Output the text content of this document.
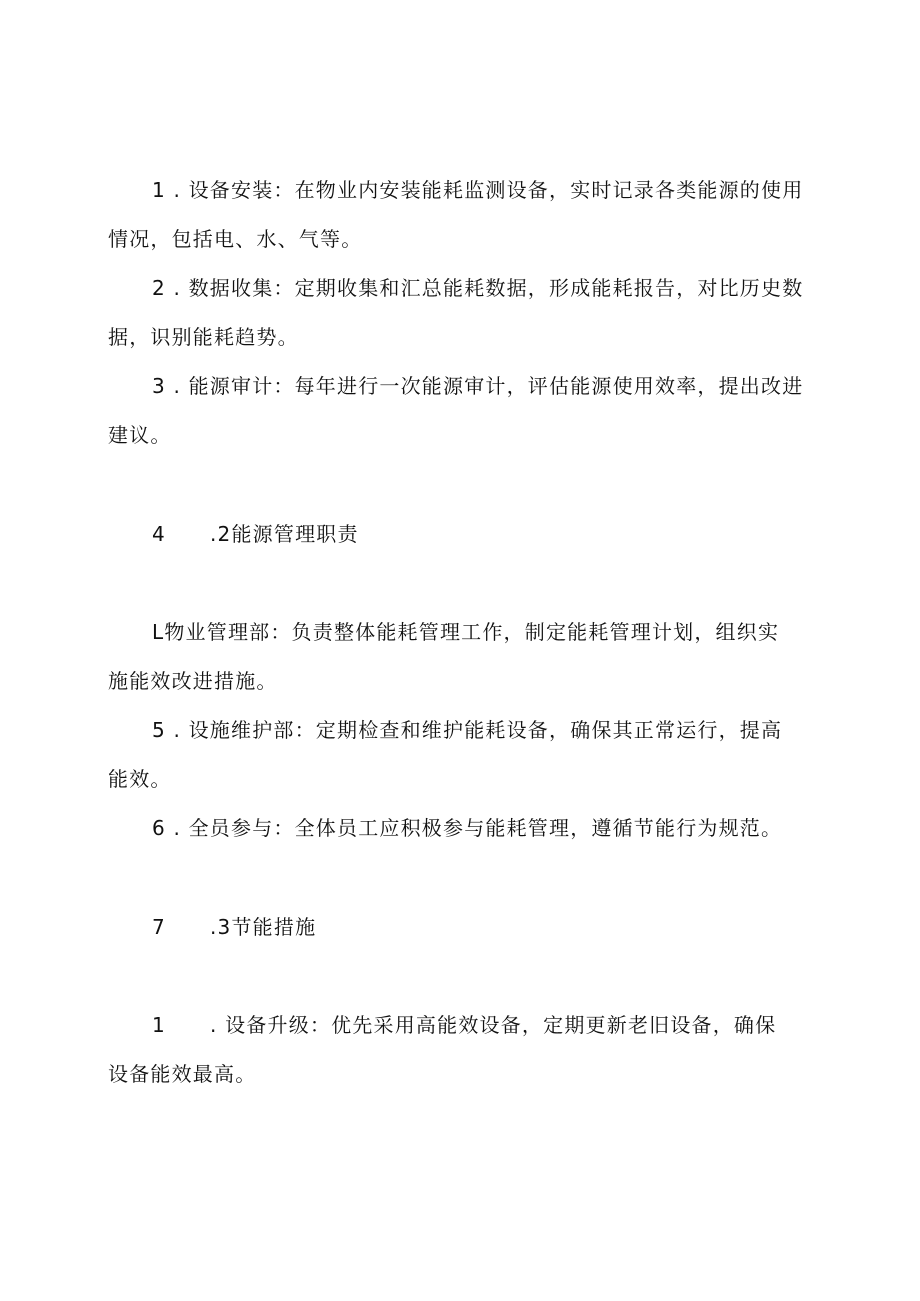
1 . 设备安装：在物业内安装能耗监测设备，实时记录各类能源的使用
情况，包括电、水、气等。
2 . 数据收集：定期收集和汇总能耗数据，形成能耗报告，对比历史数
据，识别能耗趋势。
3 . 能源审计：每年进行一次能源审计，评估能源使用效率，提出改进
建议。
4 .2能源管理职责
L物业管理部：负责整体能耗管理工作，制定能耗管理计划，组织实
施能效改进措施。
5 . 设施维护部：定期检查和维护能耗设备，确保其正常运行，提高
能效。
6 . 全员参与：全体员工应积极参与能耗管理，遵循节能行为规范。
7 .3节能措施
1 . 设备升级：优先采用高能效设备，定期更新老旧设备，确保
设备能效最高。
